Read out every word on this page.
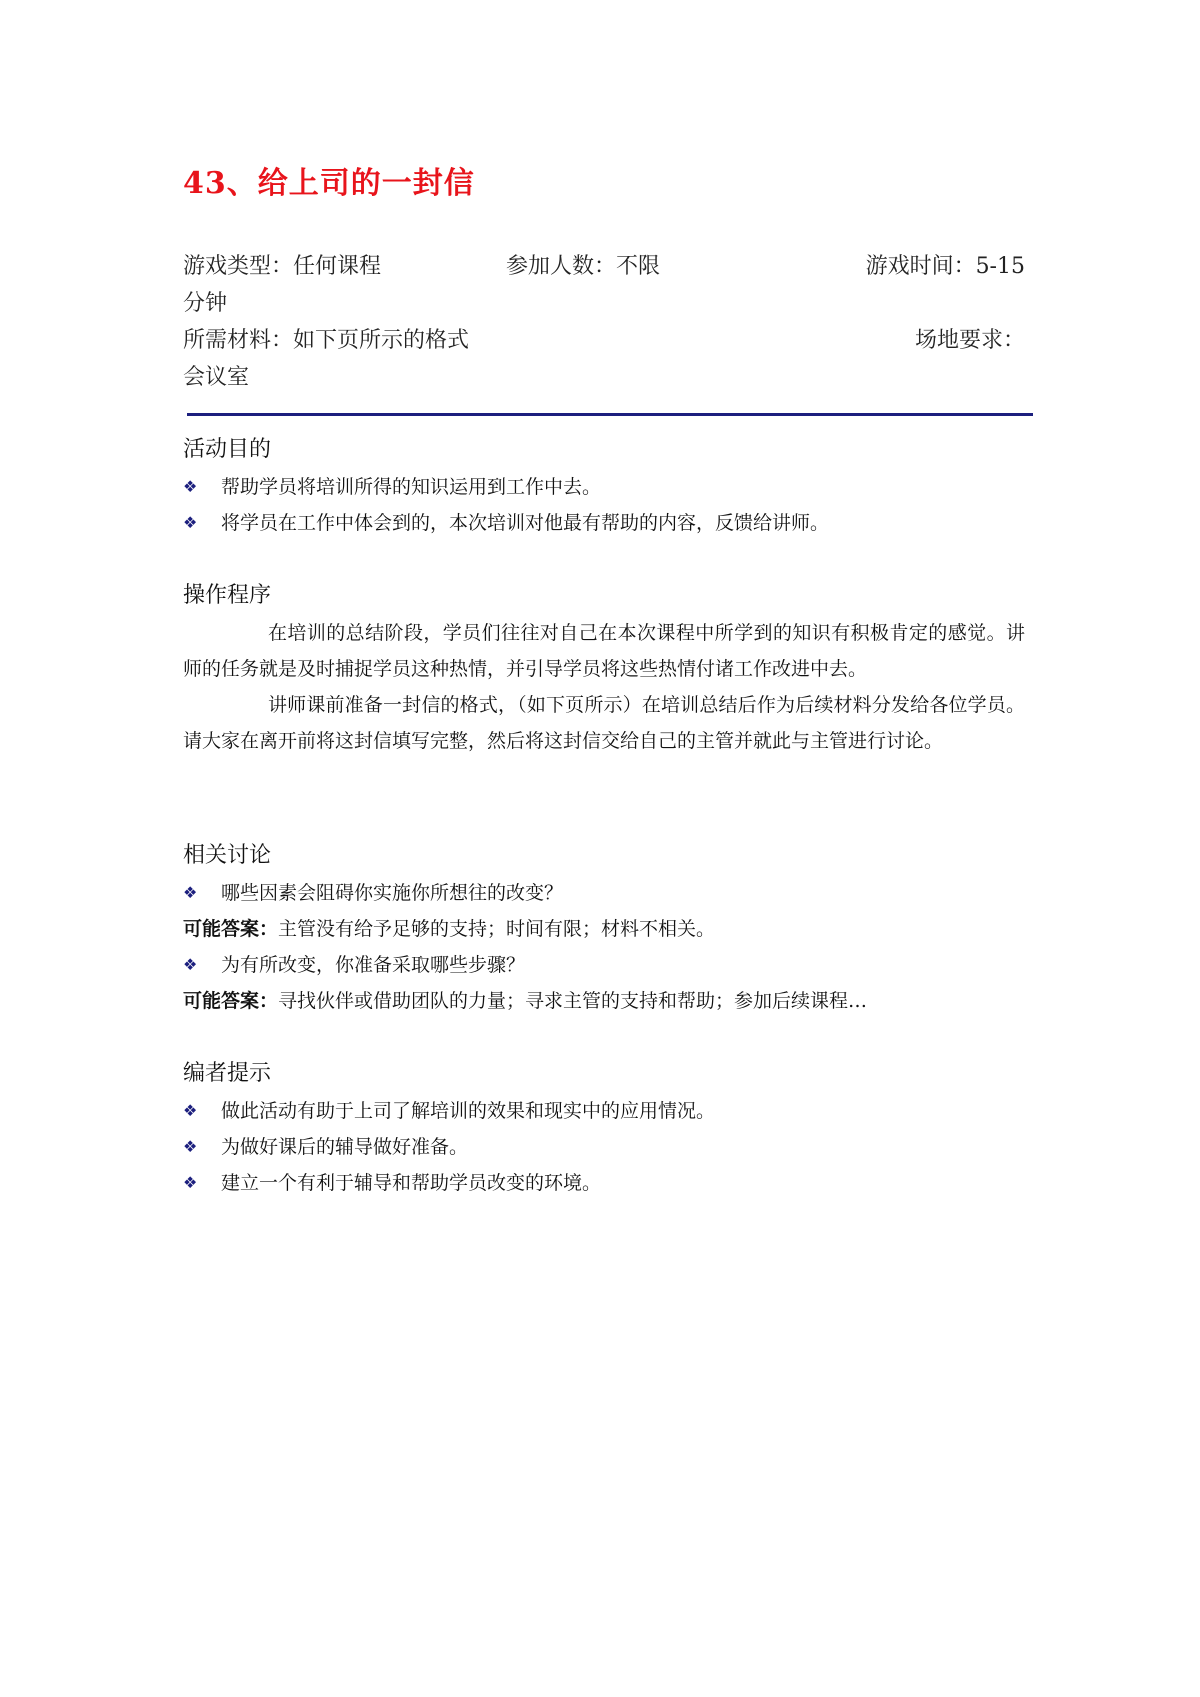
43、给上司的一封信
游戏类型：任何课程	参加人数：不限	游戏时间：5-15
分钟
所需材料：如下页所示的格式	场地要求：
会议室
活动目的
❖ 帮助学员将培训所得的知识运用到工作中去。
❖ 将学员在工作中体会到的，本次培训对他最有帮助的内容，反馈给讲师。
操作程序

在培训的总结阶段，学员们往往对自己在本次课程中所学到的知识有积极肯定的感觉。讲师的任务就是及时捕捉学员这种热情，并引导学员将这些热情付诸工作改进中去。

讲师课前准备一封信的格式，（如下页所示）在培训总结后作为后续材料分发给各位学员。请大家在离开前将这封信填写完整，然后将这封信交给自己的主管并就此与主管进行讨论。

相关讨论
❖ 哪些因素会阻碍你实施你所想往的改变？
可能答案：主管没有给予足够的支持；时间有限；材料不相关。
❖ 为有所改变，你准备采取哪些步骤？
可能答案：寻找伙伴或借助团队的力量；寻求主管的支持和帮助；参加后续课程…
编者提示
❖ 做此活动有助于上司了解培训的效果和现实中的应用情况。
❖ 为做好课后的辅导做好准备。
❖ 建立一个有利于辅导和帮助学员改变的环境。
